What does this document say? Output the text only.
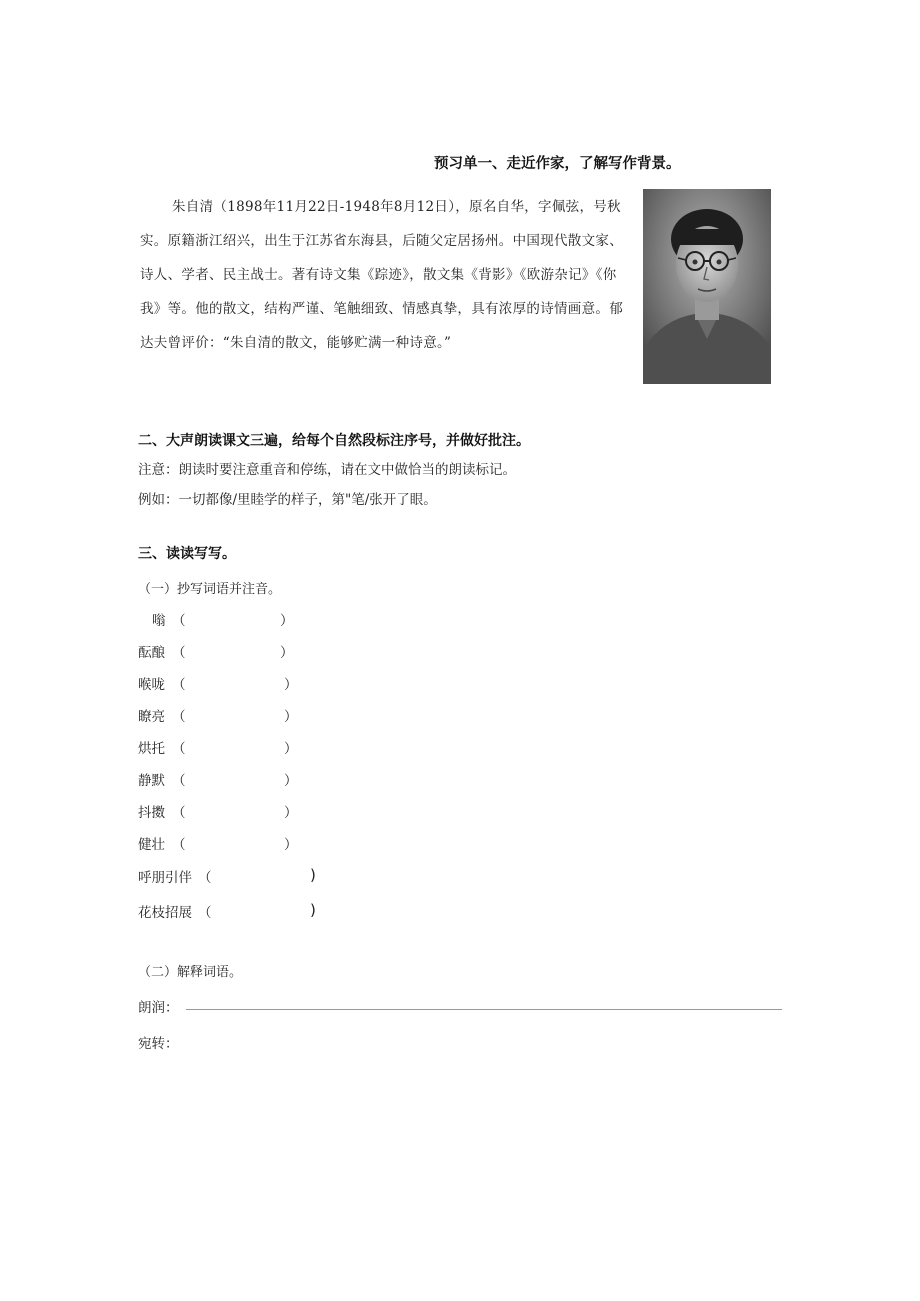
预习单一、走近作家，了解写作背景。
朱自清（1898年11月22日-1948年8月12日），原名自华，字佩弦，号秋实。原籍浙江绍兴，出生于江苏省东海县，后随父定居扬州。中国现代散文家、诗人、学者、民主战士。著有诗文集《踪迹》，散文集《背影》《欧游杂记》《你我》等。他的散文，结构严谨、笔触细致、情感真挚，具有浓厚的诗情画意。郁达夫曾评价：“朱自清的散文，能够贮满一种诗意。”
二、大声朗读课文三遍，给每个自然段标注序号，并做好批注。
注意：朗读时要注意重音和停练，请在文中做恰当的朗读标记。
例如：一切都像/里睦学的样子，第"笔/张开了眼。
三、读读写写。
（一）抄写词语并注音。
嗡 （	）
酝酿 （	）
喉咙 （	）
瞭亮 （	）
烘托 （	）
静默 （	）
抖擞 （	）
健壮 （	）
呼朋引伴 （	)
花枝招展 （	)
（二）解释词语。
朗润：
宛转：
